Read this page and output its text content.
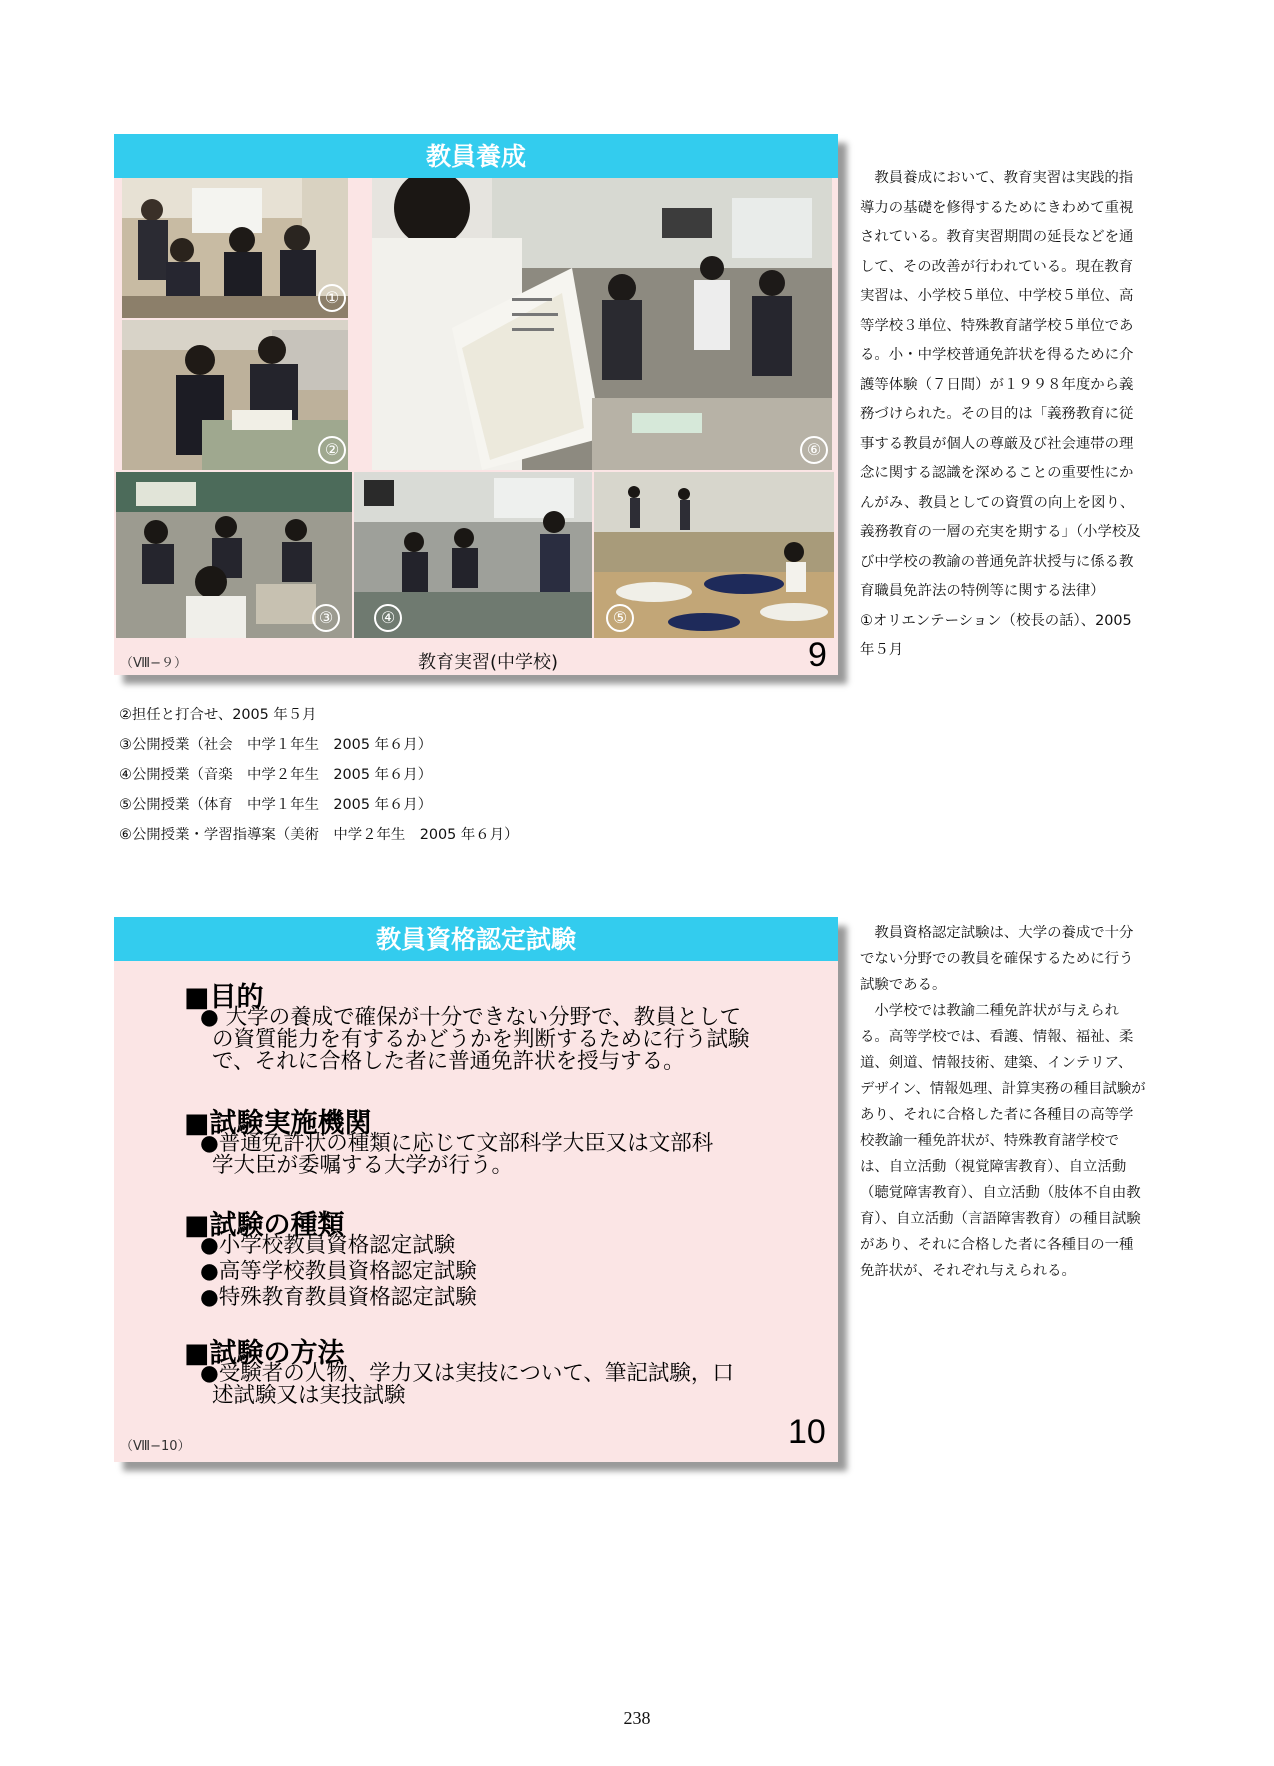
教員養成
①
②	⑥
③	④	⑤
（Ⅷ−９）	教育実習(中学校)	9

教員養成において、教育実習は実践的指導力の基礎を修得するためにきわめて重視されている。教育実習期間の延長などを通して、その改善が行われている。現在教育実習は、小学校５単位、中学校５単位、高等学校３単位、特殊教育諸学校５単位である。小・中学校普通免許状を得るために介護等体験（７日間）が１９９８年度から義務づけられた。その目的は「義務教育に従事する教員が個人の尊厳及び社会連帯の理念に関する認識を深めることの重要性にかんがみ、教員としての資質の向上を図り、義務教育の一層の充実を期する」（小学校及び中学校の教諭の普通免許状授与に係る教育職員免許法の特例等に関する法律）

①オリエンテーション（校長の話）、2005 年５月

②担任と打合せ、2005 年５月
③公開授業（社会　中学１年生　2005 年６月）
④公開授業（音楽　中学２年生　2005 年６月）
⑤公開授業（体育　中学１年生　2005 年６月）
⑥公開授業・学習指導案（美術　中学２年生　2005 年６月）
教員資格認定試験
■目的
● 大学の養成で確保が十分できない分野で、教員として
の資質能力を有するかどうかを判断するために行う試験
で、それに合格した者に普通免許状を授与する。
■試験実施機関
●普通免許状の種類に応じて文部科学大臣又は文部科
学大臣が委嘱する大学が行う。
■試験の種類
●小学校教員資格認定試験
●高等学校教員資格認定試験
●特殊教育教員資格認定試験
■試験の方法
●受験者の人物、学力又は実技について、筆記試験，口
述試験又は実技試験
（Ⅷ−10）	10

教員資格認定試験は、大学の養成で十分でない分野での教員を確保するために行う試験である。

小学校では教諭二種免許状が与えられる。高等学校では、看護、情報、福祉、柔道、剣道、情報技術、建築、インテリア、デザイン、情報処理、計算実務の種目試験があり、それに合格した者に各種目の高等学校教諭一種免許状が、特殊教育諸学校では、自立活動（視覚障害教育）、自立活動（聴覚障害教育）、自立活動（肢体不自由教育）、自立活動（言語障害教育）の種目試験があり、それに合格した者に各種目の一種免許状が、それぞれ与えられる。

238
